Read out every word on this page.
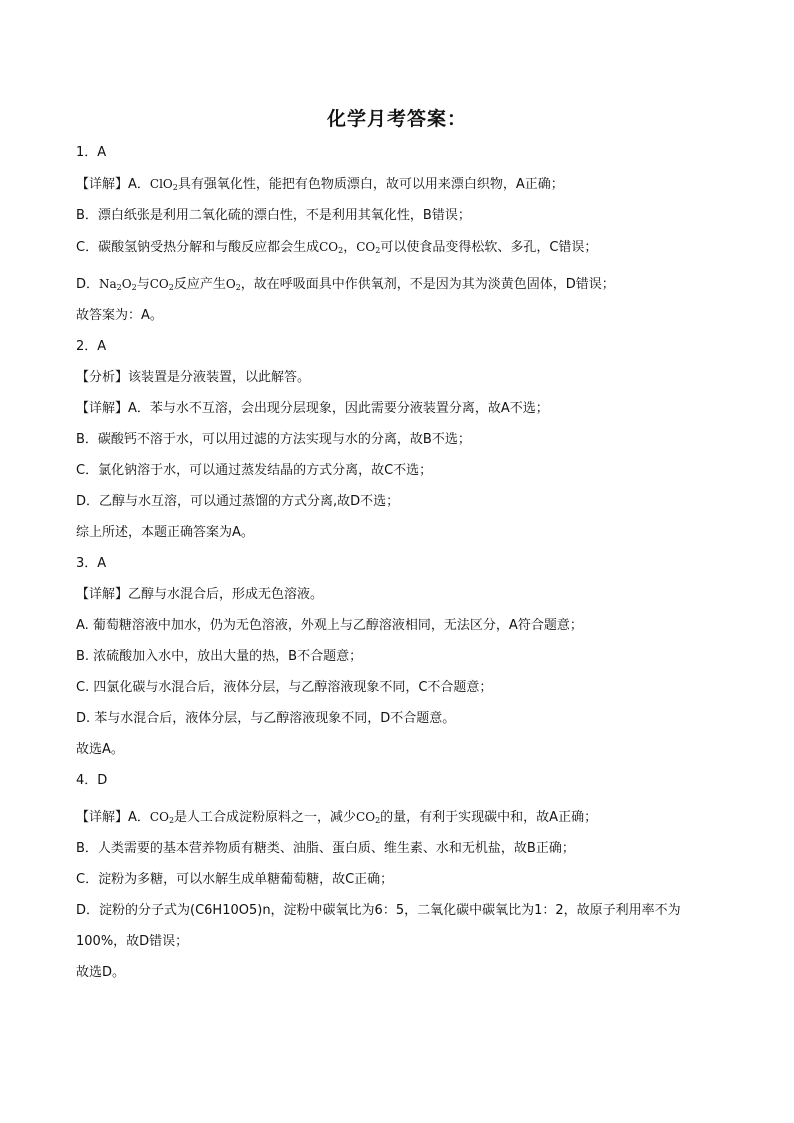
化学月考答案：
1．A
【详解】A．ClO$_2$具有强氧化性，能把有色物质漂白，故可以用来漂白织物，A正确；
B．漂白纸张是利用二氧化硫的漂白性，不是利用其氧化性，B错误；
C．碳酸氢钠受热分解和与酸反应都会生成$CO_2$，$CO_2$可以使食品变得松软、多孔，C错误；
D．$Na_2O_2$与$CO_2$反应产生$O_2$，故在呼吸面具中作供氧剂，不是因为其为淡黄色固体，D错误；
故答案为：A。
2．A
【分析】该装置是分液装置，以此解答。
【详解】A．苯与水不互溶，会出现分层现象，因此需要分液装置分离，故A不选；
B．碳酸钙不溶于水，可以用过滤的方法实现与水的分离，故B不选；
C．氯化钠溶于水，可以通过蒸发结晶的方式分离，故C不选；
D．乙醇与水互溶，可以通过蒸馏的方式分离,故D不选；
综上所述，本题正确答案为A。
3．A
【详解】乙醇与水混合后，形成无色溶液。
A. 葡萄糖溶液中加水，仍为无色溶液，外观上与乙醇溶液相同，无法区分，A符合题意；
B. 浓硫酸加入水中，放出大量的热，B不合题意；
C. 四氯化碳与水混合后，液体分层，与乙醇溶液现象不同，C不合题意；
D. 苯与水混合后，液体分层，与乙醇溶液现象不同，D不合题意。
故选A。
4．D
【详解】A．$CO_2$是人工合成淀粉原料之一，减少$CO_2$的量，有利于实现碳中和，故A正确；
B．人类需要的基本营养物质有糖类、油脂、蛋白质、维生素、水和无机盐，故B正确；
C．淀粉为多糖，可以水解生成单糖葡萄糖，故C正确；
D．淀粉的分子式为(C6H10O5)n，淀粉中碳氧比为6：5，二氧化碳中碳氧比为1：2，故原子利用率不为
100%，故D错误；
故选D。
